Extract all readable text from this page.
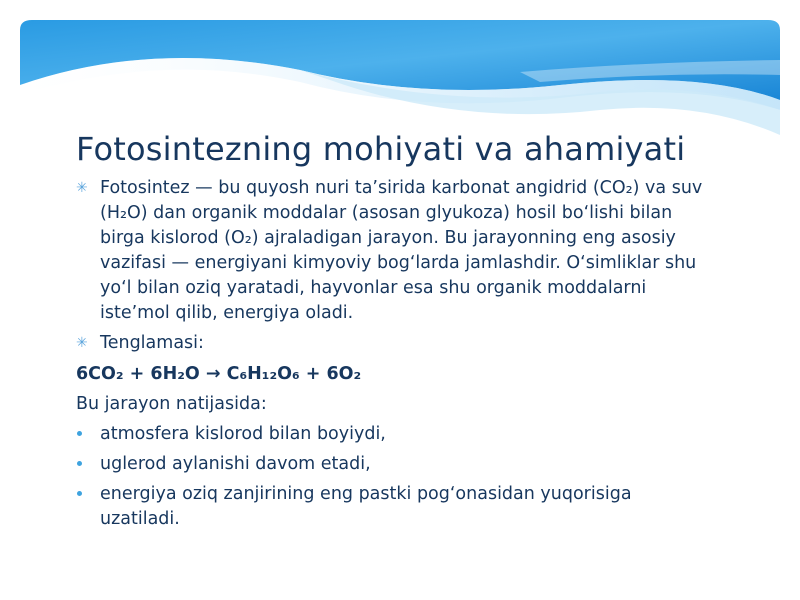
Fotosintezning mohiyati va ahamiyati
✳ Fotosintez — bu quyosh nuri ta’sirida karbonat angidrid (CO₂) va suv (H₂O) dan organik moddalar (asosan glyukoza) hosil bo‘lishi bilan birga kislorod (O₂) ajraladigan jarayon. Bu jarayonning eng asosiy vazifasi — energiyani kimyoviy bog‘larda jamlashdir. O‘simliklar shu yo‘l bilan oziq yaratadi, hayvonlar esa shu organik moddalarni iste’mol qilib, energiya oladi.
✳ Tenglamasi:
6CO₂ + 6H₂O → C₆H₁₂O₆ + 6O₂
Bu jarayon natijasida:
atmosfera kislorod bilan boyiydi,
uglerod aylanishi davom etadi,
energiya oziq zanjirining eng pastki pog‘onasidan yuqorisiga uzatiladi.
